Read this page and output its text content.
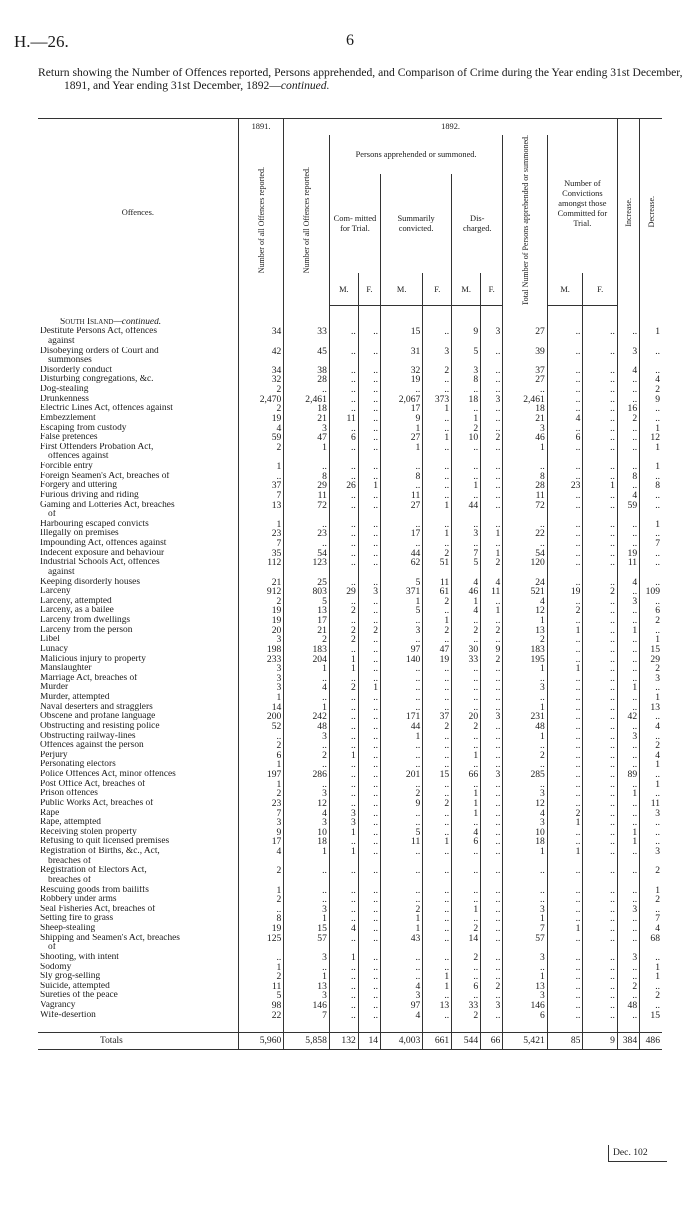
H.—26.	6
Return showing the Number of Offences reported, Persons apprehended, and Comparison of Crime during the Year ending 31st December, 1891, and Year ending 31st December, 1892—continued.
Offences.	1891.	1892.										Increase.	Decrease.

	Number of all Offences reported.	Number of all Offences reported.	Persons apprehended or summoned.						Total Number of Persons apprehended or summoned.	Number of Convictions amongst those Committed for Trial.			
			Com- mitted for Trial.		Summarily convicted.		Dis- charged.						
			M.	F.	M.	F.	M.	F.		M.	F.		

South Island—continued.													
Destitute Persons Act, offences	34	33	..	..	15	..	9	3	27	..	..	..	1
against													
Disobeying orders of Court and	42	45	..	..	31	3	5	..	39	..	..	3	..
summonses													
Disorderly conduct	34	38	..	..	32	2	3	..	37	..	..	4	..
Disturbing congregations, &c.	32	28	..	..	19	..	8	..	27	..	..	..	4
Dog-stealing	2	..	..	..	..	..	..	..	..	..	..	..	2
Drunkenness	2,470	2,461	..	..	2,067	373	18	3	2,461	..	..	..	9
Electric Lines Act, offences against	2	18	..	..	17	1	..	..	18	..	..	16	..
Embezzlement	19	21	11	..	9	..	1	..	21	4	..	2	..
Escaping from custody	4	3	..	..	1	..	2	..	3	..	..	..	1
False pretences	59	47	6	..	27	1	10	2	46	6	..	..	12
First Offenders Probation Act,	2	1	..	..	1	..	..	..	1	..	..	..	1
offences against													
Forcible entry	1	..	..	..	..	..	..	..	..	..	..	..	1
Foreign Seamen's Act, breaches of	..	8	..	..	8	..	..	..	8	..	..	8	..
Forgery and uttering	37	29	26	1	..	..	1	..	28	23	1	..	8
Furious driving and riding	7	11	..	..	11	..	..	..	11	..	..	4	..
Gaming and Lotteries Act, breaches	13	72	..	..	27	1	44	..	72	..	..	59	..
of													
Harbouring escaped convicts	1	..	..	..	..	..	..	..	..	..	..	..	1
Illegally on premises	23	23	..	..	17	1	3	1	22	..	..	..	..
Impounding Act, offences against	7	..	..	..	..	..	..	..	..	..	..	..	7
Indecent exposure and behaviour	35	54	..	..	44	2	7	1	54	..	..	19	..
Industrial Schools Act, offences	112	123	..	..	62	51	5	2	120	..	..	11	..
against													
Keeping disorderly houses	21	25	..	..	5	11	4	4	24	..	..	4	..
Larceny	912	803	29	3	371	61	46	11	521	19	2	..	109
Larceny, attempted	2	5	..	..	1	2	1	..	4	..	..	3	..
Larceny, as a bailee	19	13	2	..	5	..	4	1	12	2	..	..	6
Larceny from dwellings	19	17	..	..	..	1	..	..	1	..	..	..	2
Larceny from the person	20	21	2	2	3	2	2	2	13	1	..	1	..
Libel	3	2	2	..	..	..	..	..	2	..	..	..	1
Lunacy	198	183	..	..	97	47	30	9	183	..	..	..	15
Malicious injury to property	233	204	1	..	140	19	33	2	195	..	..	..	29
Manslaughter	3	1	1	..	..	..	..	..	1	1	..	..	2
Marriage Act, breaches of	3	..	..	..	..	..	..	..	..	..	..	..	3
Murder	3	4	2	1	..	..	..	..	3	..	..	1	..
Murder, attempted	1	..	..	..	..	..	..	..	..	..	..	..	1
Naval deserters and stragglers	14	1	..	..	..	..	..	..	1	..	..	..	13
Obscene and profane language	200	242	..	..	171	37	20	3	231	..	..	42	..
Obstructing and resisting police	52	48	..	..	44	2	2	..	48	..	..	..	4
Obstructing railway-lines	..	3	..	..	1	..	..	..	1	..	..	3	..
Offences against the person	2	..	..	..	..	..	..	..	..	..	..	..	2
Perjury	6	2	1	..	..	..	1	..	2	..	..	..	4
Personating electors	1	..	..	..	..	..	..	..	..	..	..	..	1
Police Offences Act, minor offences	197	286	..	..	201	15	66	3	285	..	..	89	..
Post Office Act, breaches of	1	..	..	..	..	..	..	..	..	..	..	..	1
Prison offences	2	3	..	..	2	..	1	..	3	..	..	1	..
Public Works Act, breaches of	23	12	..	..	9	2	1	..	12	..	..	..	11
Rape	7	4	3	..	..	..	1	..	4	2	..	..	3
Rape, attempted	3	3	3	..	..	..	..	..	3	1	..	..	..
Receiving stolen property	9	10	1	..	5	..	4	..	10	..	..	1	..
Refusing to quit licensed premises	17	18	..	..	11	1	6	..	18	..	..	1	..
Registration of Births, &c., Act,	4	1	1	..	..	..	..	..	1	1	..	..	3
breaches of													
Registration of Electors Act,	2	..	..	..	..	..	..	..	..	..	..	..	2
breaches of													
Rescuing goods from bailiffs	1	..	..	..	..	..	..	..	..	..	..	..	1
Robbery under arms	2	..	..	..	..	..	..	..	..	..	..	..	2
Seal Fisheries Act, breaches of	..	3	..	..	2	..	1	..	3	..	..	3	..
Setting fire to grass	8	1	..	..	1	..	..	..	1	..	..	..	7
Sheep-stealing	19	15	4	..	1	..	2	..	7	1	..	..	4
Shipping and Seamen's Act, breaches	125	57	..	..	43	..	14	..	57	..	..	..	68
of													
Shooting, with intent	..	3	1	..	..	..	2	..	3	..	..	3	..
Sodomy	1	..	..	..	..	..	..	..	..	..	..	..	1
Sly grog-selling	2	1	..	..	..	1	..	..	1	..	..	..	1
Suicide, attempted	11	13	..	..	4	1	6	2	13	..	..	2	..
Sureties of the peace	5	3	..	..	3	..	..	..	3	..	..	..	2
Vagrancy	98	146	..	..	97	13	33	3	146	..	..	48	..
Wife-desertion	22	7	..	..	4	..	2	..	6	..	..	..	15

Totals	5,960	5,858	132	14	4,003	661	544	66	5,421	85	9	384	486
Dec. 102
